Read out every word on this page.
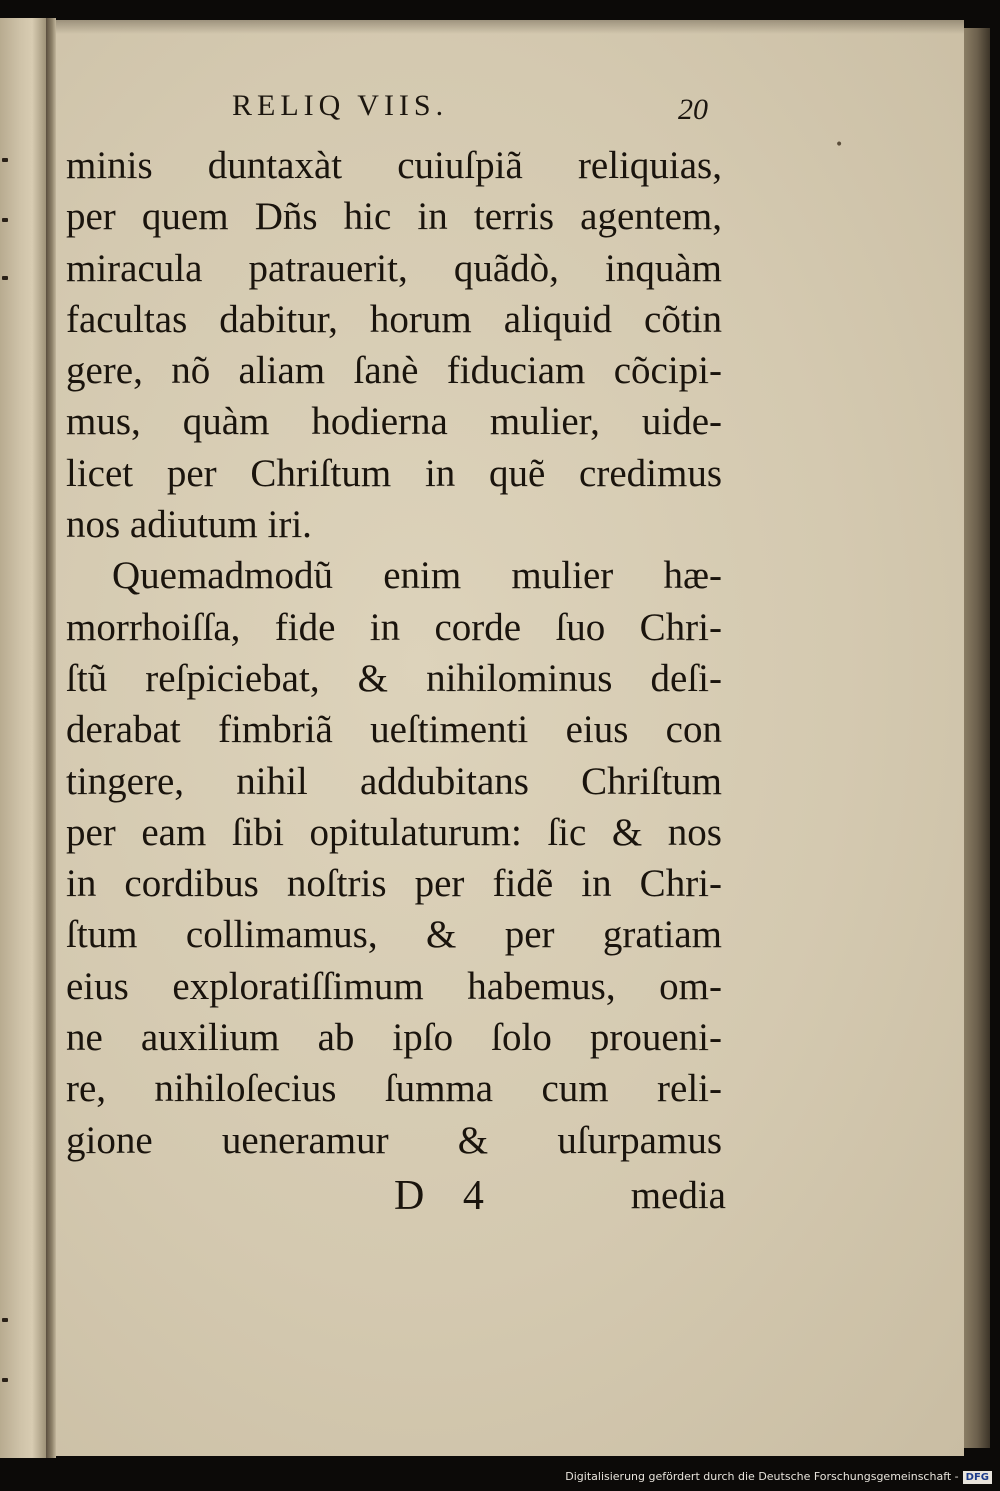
•
RELIQ VIIS.	20
minis duntaxàt cuiuſpiã reliquias,
per quem Dñs hic in terris agentem,
miracula patrauerit, quãdò, inquàm
facultas dabitur, horum aliquid cõtin
gere, nõ aliam ſanè fiduciam cõcipi-
mus, quàm hodierna mulier, uide-
licet per Chriſtum in quẽ credimus
nos adiutum iri.
Quemadmodũ enim mulier hæ-
morrhoiſſa, fide in corde ſuo Chri-
ſtũ reſpiciebat, & nihilominus deſi-
derabat fimbriã ueſtimenti eius con
tingere, nihil addubitans Chriſtum
per eam ſibi opitulaturum: ſic & nos
in cordibus noſtris per fidẽ in Chri-
ſtum collimamus, & per gratiam
eius exploratiſſimum habemus, om-
ne auxilium ab ipſo ſolo proueni-
re, nihiloſecius ſumma cum reli-
gione ueneramur & uſurpamus
D 4	media
Digitalisierung gefördert durch die Deutsche Forschungsgemeinschaft - DFG
